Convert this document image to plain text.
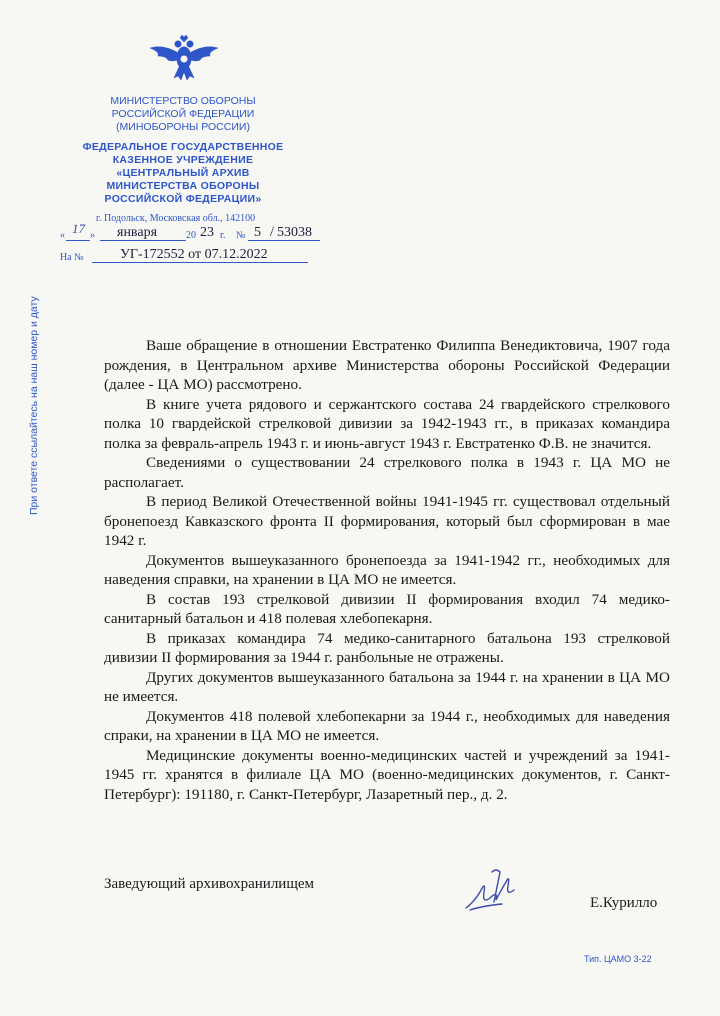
МИНИСТЕРСТВО ОБОРОНЫ
РОССИЙСКОЙ ФЕДЕРАЦИИ
(МИНОБОРОНЫ РОССИИ)
ФЕДЕРАЛЬНОЕ ГОСУДАРСТВЕННОЕ
КАЗЕННОЕ УЧРЕЖДЕНИЕ
«ЦЕНТРАЛЬНЫЙ АРХИВ
МИНИСТЕРСТВА ОБОРОНЫ
РОССИЙСКОЙ ФЕДЕРАЦИИ»
г. Подольск, Московская обл., 142100
« 17 » января	20 23 г. № 5 / 53038
На №	УГ-172552 от 07.12.2022
При ответе ссылайтесь на наш номер и дату	Ваше обращение в отношении Евстратенко Филиппа Венедиктовича, 1907 года рождения, в Центральном архиве Министерства обороны Российской Федерации (далее - ЦА МО) рассмотрено.

В книге учета рядового и сержантского состава 24 гвардейского стрелкового полка 10 гвардейской стрелковой дивизии за 1942-1943 гг., в приказах командира полка за февраль-апрель 1943 г. и июнь-август 1943 г. Евстратенко Ф.В. не значится.

Сведениями о существовании 24 стрелкового полка в 1943 г. ЦА МО не располагает.

В период Великой Отечественной войны 1941-1945 гг. существовал отдельный бронепоезд Кавказского фронта II формирования, который был сформирован в мае 1942 г.

Документов вышеуказанного бронепоезда за 1941-1942 гг., необходимых для наведения справки, на хранении в ЦА МО не имеется.

В состав 193 стрелковой дивизии II формирования входил 74 медико-санитарный батальон и 418 полевая хлебопекарня.

В приказах командира 74 медико-санитарного батальона 193 стрелковой дивизии II формирования за 1944 г. ранбольные не отражены.

Других документов вышеуказанного батальона за 1944 г. на хранении в ЦА МО не имеется.

Документов 418 полевой хлебопекарни за 1944 г., необходимых для наведения спраки, на хранении в ЦА МО не имеется.

Медицинские документы военно-медицинских частей и учреждений за 1941-1945 гг. хранятся в филиале ЦА МО (военно-медицинских документов, г. Санкт-Петербург): 191180, г. Санкт-Петербург, Лазаретный пер., д. 2.

Заведующий архивохранилищем
Е.Курилло
Тип. ЦАМО 3-22
